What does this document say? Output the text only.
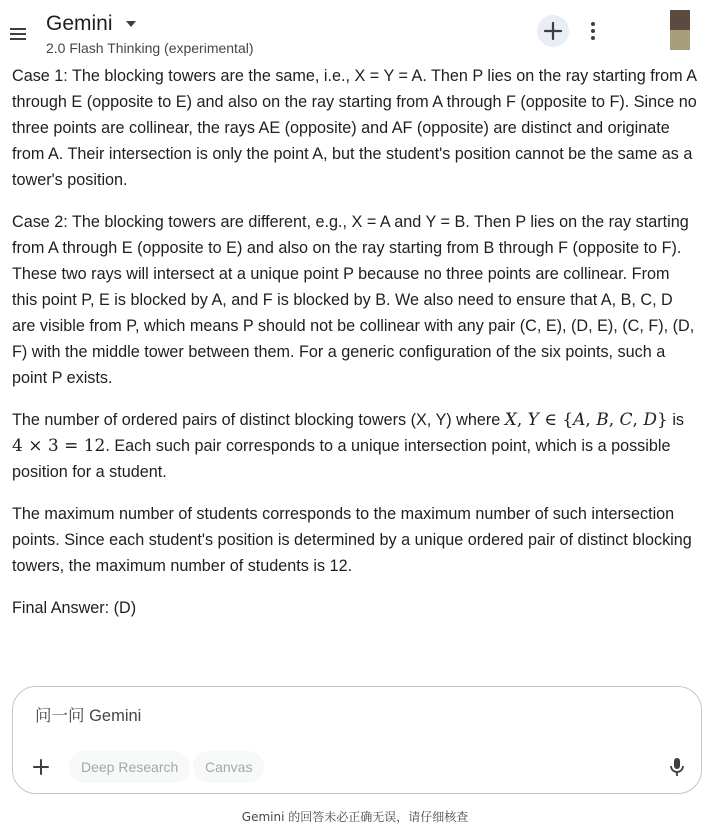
Gemini
2.0 Flash Thinking (experimental)

Case 1: The blocking towers are the same, i.e., X = Y = A. Then P lies on the ray starting from A through E (opposite to E) and also on the ray starting from A through F (opposite to F). Since no three points are collinear, the rays AE (opposite) and AF (opposite) are distinct and originate from A. Their intersection is only the point A, but the student's position cannot be the same as a tower's position.

Case 2: The blocking towers are different, e.g., X = A and Y = B. Then P lies on the ray starting from A through E (opposite to E) and also on the ray starting from B through F (opposite to F). These two rays will intersect at a unique point P because no three points are collinear. From this point P, E is blocked by A, and F is blocked by B. We also need to ensure that A, B, C, D are visible from P, which means P should not be collinear with any pair (C, E), (D, E), (C, F), (D, F) with the middle tower between them. For a generic configuration of the six points, such a point P exists.

The number of ordered pairs of distinct blocking towers (X, Y) where X, Y ∈ {A, B, C, D} is 4 × 3 = 12. Each such pair corresponds to a unique intersection point, which is a possible position for a student.

The maximum number of students corresponds to the maximum number of such intersection points. Since each student's position is determined by a unique ordered pair of distinct blocking towers, the maximum number of students is 12.

Final Answer: (D)

问一问 Gemini
Deep Research	Canvas
Gemini 的回答未必正确无误，请仔细核查
